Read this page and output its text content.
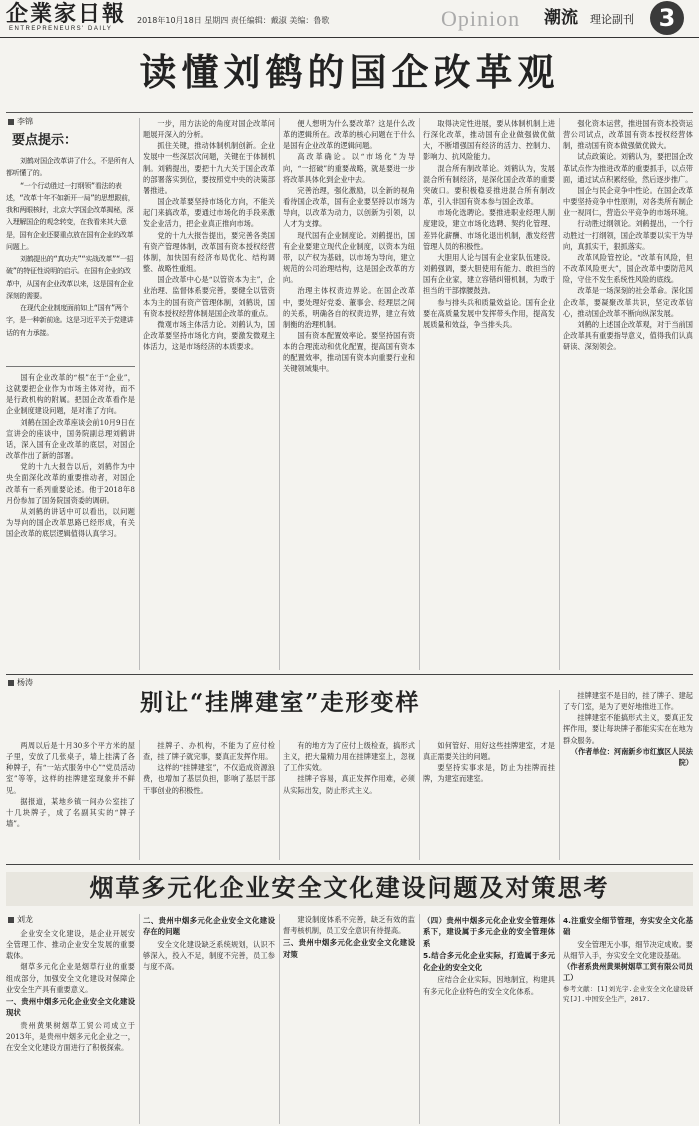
企業家日報
ENTREPRENEURS' DAILY
2018年10月18日 星期四 责任编辑：戴淑 美编：鲁歌	Opinion 潮流 理论副刊	3
读懂刘鹤的国企改革观
李锦
要点提示：

刘鹤对国企改革讲了什么，不是所有人都听懂了的。

“一个行动胜过一打纲领”看法的表述，“改革十年不如新开一局”的思想跟前，我和两眼核时，北京大学国企改革揭秘，深入理解国企的观念转变，在我看来其大意是，国有企业还要重点放在国有企业的改革问题上。

刘鹤提出的“真功夫”“实战改革”“一招破”的特征性说明的启示。在国有企业的改革中，从国有企业改革以来，这是国有企业深刻的需要。

在现代企业制度面前如上“国有”两个字，是一种新前途。这是习近平关于党建讲话的有力承接。

国有企业改革的“根”在于“企业”，这就要把企业作为市场主体对待，而不是行政机构的附属。把国企改革看作是企业制度建设问题，是对准了方向。

刘鹤在国企改革座谈会前10月9日在宣讲会的座谈中，国务院副总理刘鹤讲话，深入国有企业改革的底层，对国企改革作出了新的部署。

党的十九大报告以后，刘鹤作为中央全面深化改革的重要推动者，对国企改革有一系列重要论述。他于2018年8月份参加了国务院国资委的调研。

从刘鹤的讲话中可以看出，以问题为导向的国企改革思路已经形成，有关国企改革的底层逻辑值得认真学习。

一步，用方法论的角度对国企改革问题展开深入的分析。

抓住关键，推动体制机制创新。企业发展中一些深层次问题，关键在于体制机制。刘鹤提出，要把十九大关于国企改革的部署落实到位，要按照党中央的决策部署推进。

国企改革要坚持市场化方向，不能关起门来搞改革，要通过市场化的手段来激发企业活力，把企业真正推向市场。

党的十九大报告提出，要完善各类国有资产管理体制，改革国有资本授权经营体制，加快国有经济布局优化、结构调整、战略性重组。

国企改革中心是“以管资本为主”，企业治理、监督体系要完善，要健全以管资本为主的国有资产管理体制，刘鹤说，国有资本授权经营体制是国企改革的重点。

微观市场主体活力论。刘鹤认为，国企改革要坚持市场化方向，要激发微观主体活力，这是市场经济的本质要求。

便人想明为什么要改革？这是什么改革的逻辑所在。改革的核心问题在于什么是国有企业改革的逻辑问题。

高改革确论。以“市场化”为导向，“一招破”的重要战略，就是要进一步将改革具体化到企业中去。

完善治理，强化激励，以全新的视角看待国企改革，国有企业要坚持以市场为导向，以改革为动力，以创新为引领，以人才为支撑。

现代国有企业制度论。刘鹤提出，国有企业要建立现代企业制度，以资本为纽带，以产权为基础，以市场为导向，建立规范的公司治理结构，这是国企改革的方向。

治理主体权责边界论。在国企改革中，要处理好党委、董事会、经理层之间的关系，明确各自的权责边界，建立有效制衡的治理机制。

国有资本配置效率论。要坚持国有资本的合理流动和优化配置，提高国有资本的配置效率，推动国有资本向重要行业和关键领域集中。

取得决定性进展，要从体制机制上进行深化改革，推动国有企业做强做优做大，不断增强国有经济的活力、控制力、影响力、抗风险能力。

混合所有制改革论。刘鹤认为，发展混合所有制经济，是深化国企改革的重要突破口。要积极稳妥推进混合所有制改革，引入非国有资本参与国企改革。

市场化选聘论。要推进职业经理人制度建设，建立市场化选聘、契约化管理、差异化薪酬、市场化退出机制，激发经营管理人员的积极性。

大胆用人论与国有企业家队伍建设。刘鹤强调，要大胆使用有能力、敢担当的国有企业家，建立容错纠错机制，为敢于担当的干部撑腰鼓劲。

参与排头兵和质量效益论。国有企业要在高质量发展中发挥带头作用，提高发展质量和效益，争当排头兵。

强化资本运营，推进国有资本投资运营公司试点，改革国有资本授权经营体制，推动国有资本做强做优做大。

试点政策论。刘鹤认为，要把国企改革试点作为推进改革的重要抓手，以点带面，通过试点积累经验，然后逐步推广。

国企与民企竞争中性论。在国企改革中要坚持竞争中性原则，对各类所有制企业一视同仁，营造公平竞争的市场环境。

行动胜过纲领论。刘鹤提出，一个行动胜过一打纲领，国企改革要以实干为导向，真抓实干，狠抓落实。

改革风险管控论。“改革有风险，但不改革风险更大”，国企改革中要防范风险，守住不发生系统性风险的底线。

改革是一场深刻的社会革命。深化国企改革，要凝聚改革共识，坚定改革信心，推动国企改革不断向纵深发展。

刘鹤的上述国企改革观，对于当前国企改革具有重要指导意义，值得我们认真研读、深刻领会。

杨涛
别让“挂牌建室”走形变样

两周以后是十月30多个平方米的屋子里，安放了几张桌子，墙上挂满了各种牌子，有“一站式服务中心”“党员活动室”等等，这样的挂牌建室现象并不鲜见。

据报道，某地乡镇一间办公室挂了十几块牌子，成了名副其实的“牌子墙”。

挂牌子、办机构，不能为了应付检查，挂了牌子就完事，要真正发挥作用。

这样的“挂牌建室”，不仅造成资源浪费，也增加了基层负担，影响了基层干部干事创业的积极性。

有的地方为了应付上级检查，搞形式主义，把大量精力用在挂牌建室上，忽视了工作实效。

挂牌子容易，真正发挥作用难，必须从实际出发，防止形式主义。

如何管好、用好这些挂牌建室，才是真正需要关注的问题。

要坚持实事求是，防止为挂牌而挂牌，为建室而建室。

挂牌建室不是目的，挂了牌子、建起了专门室，是为了更好地推进工作。

挂牌建室不能搞形式主义，要真正发挥作用，要让每块牌子都能实实在在地为群众服务。

（作者单位：河南新乡市红旗区人民法院）

烟草多元化企业安全文化建设问题及对策思考
刘龙

企业安全文化建设，是企业开展安全管理工作、推动企业安全发展的重要载体。

烟草多元化企业是烟草行业的重要组成部分，加强安全文化建设对保障企业安全生产具有重要意义。

一、贵州中烟多元化企业安全文化建设现状

贵州黄果树烟草工贸公司成立于2013年，是贵州中烟多元化企业之一，在安全文化建设方面进行了积极探索。

二、贵州中烟多元化企业安全文化建设存在的问题

安全文化建设缺乏系统规划，认识不够深入，投入不足，制度不完善，员工参与度不高。

建设制度体系不完善，缺乏有效的监督考核机制，员工安全意识有待提高。

三、贵州中烟多元化企业安全文化建设对策
（四）贵州中烟多元化企业安全管理体系下，建设属于多元企业的安全管理体系
5.结合多元化企业实际，打造属于多元化企业的安全文化

应结合企业实际，因地制宜，构建具有多元化企业特色的安全文化体系。

4.注重安全细节管理，夯实安全文化基础

安全管理无小事，细节决定成败。要从细节入手，夯实安全文化建设基础。

（作者系贵州黄果树烟草工贸有限公司员工）

参考文献：[1]刘光宇.企业安全文化建设研究[J].中国安全生产，2017.
